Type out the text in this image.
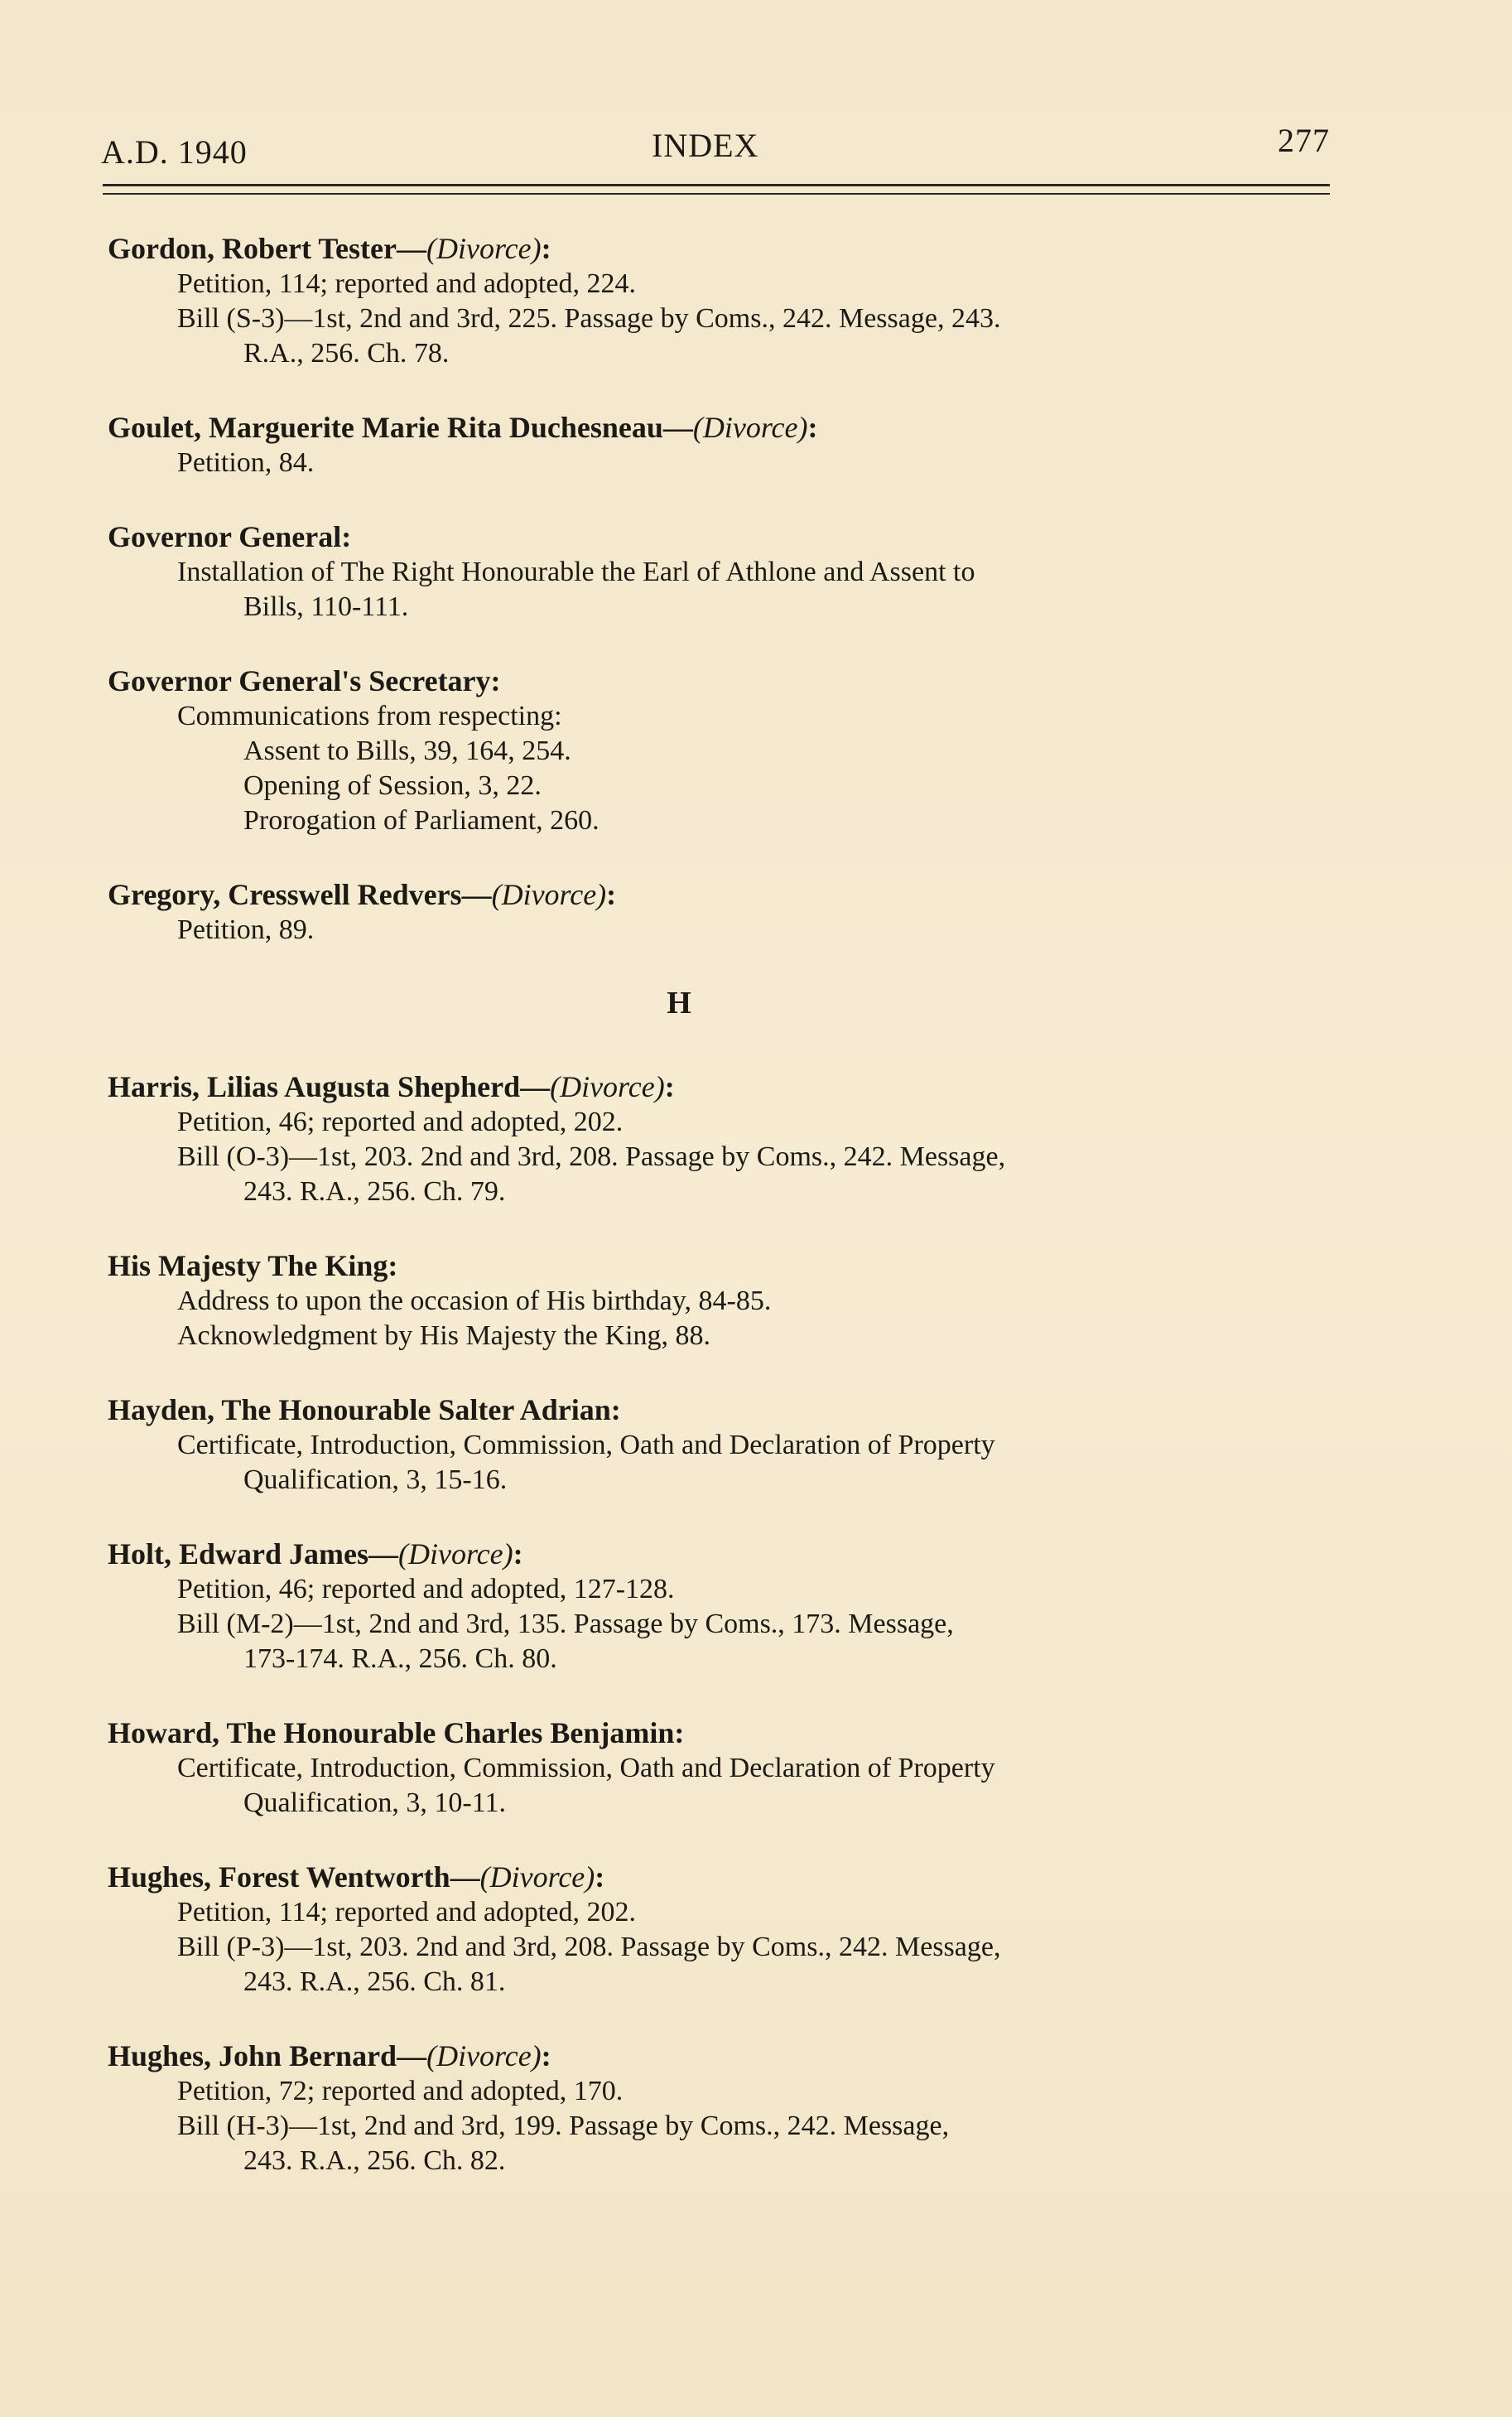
A.D. 1940	INDEX	277
Gordon, Robert Tester—(Divorce):
Petition, 114; reported and adopted, 224.
Bill (S-3)—1st, 2nd and 3rd, 225. Passage by Coms., 242. Message, 243.
R.A., 256. Ch. 78.
Goulet, Marguerite Marie Rita Duchesneau—(Divorce):
Petition, 84.
Governor General:
Installation of The Right Honourable the Earl of Athlone and Assent to
Bills, 110-111.
Governor General's Secretary:
Communications from respecting:
Assent to Bills, 39, 164, 254.
Opening of Session, 3, 22.
Prorogation of Parliament, 260.
Gregory, Cresswell Redvers—(Divorce):
Petition, 89.
H
Harris, Lilias Augusta Shepherd—(Divorce):
Petition, 46; reported and adopted, 202.
Bill (O-3)—1st, 203. 2nd and 3rd, 208. Passage by Coms., 242. Message,
243. R.A., 256. Ch. 79.
His Majesty The King:
Address to upon the occasion of His birthday, 84-85.
Acknowledgment by His Majesty the King, 88.
Hayden, The Honourable Salter Adrian:
Certificate, Introduction, Commission, Oath and Declaration of Property
Qualification, 3, 15-16.
Holt, Edward James—(Divorce):
Petition, 46; reported and adopted, 127-128.
Bill (M-2)—1st, 2nd and 3rd, 135. Passage by Coms., 173. Message,
173-174. R.A., 256. Ch. 80.
Howard, The Honourable Charles Benjamin:
Certificate, Introduction, Commission, Oath and Declaration of Property
Qualification, 3, 10-11.
Hughes, Forest Wentworth—(Divorce):
Petition, 114; reported and adopted, 202.
Bill (P-3)—1st, 203. 2nd and 3rd, 208. Passage by Coms., 242. Message,
243. R.A., 256. Ch. 81.
Hughes, John Bernard—(Divorce):
Petition, 72; reported and adopted, 170.
Bill (H-3)—1st, 2nd and 3rd, 199. Passage by Coms., 242. Message,
243. R.A., 256. Ch. 82.
